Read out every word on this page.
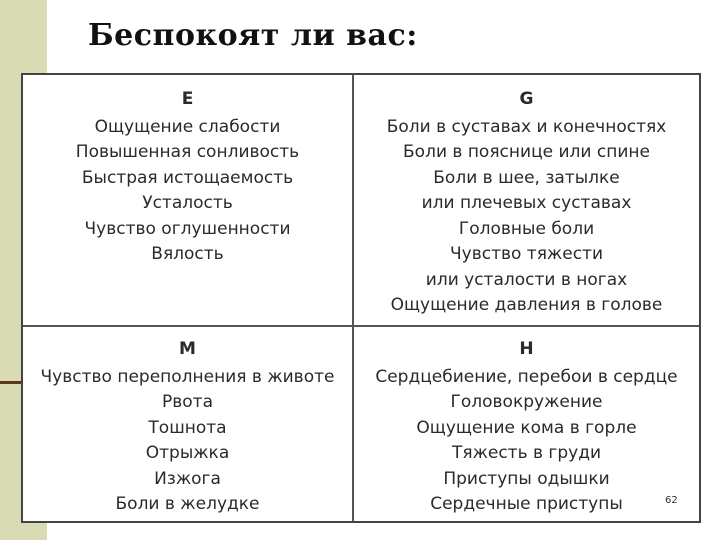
Беспокоят ли вас:
E
Ощущение слабости
Повышенная сонливость
Быстрая истощаемость
Усталость
Чувство оглушенности
Вялость
G
Боли в суставах и конечностях
Боли в пояснице или спине
Боли в шее, затылке
или плечевых суставах
Головные боли
Чувство тяжести
или усталости в ногах
Ощущение давления в голове
M
Чувство переполнения в животе
Рвота
Тошнота
Отрыжка
Изжога
Боли в желудке
H
Сердцебиение, перебои в сердце
Головокружение
Ощущение кома в горле
Тяжесть в груди
Приступы одышки
Сердечные приступы	62
